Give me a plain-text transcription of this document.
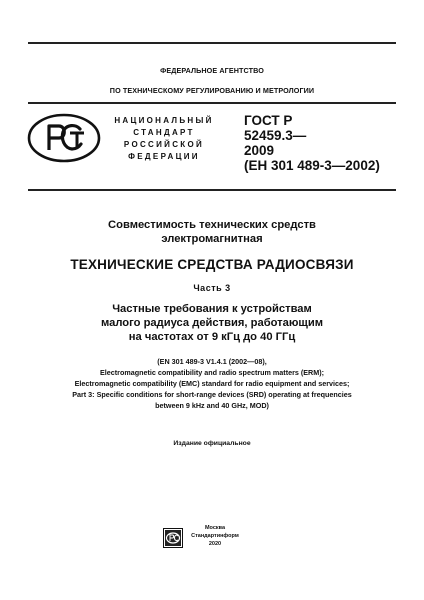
ФЕДЕРАЛЬНОЕ АГЕНТСТВО
ПО ТЕХНИЧЕСКОМУ РЕГУЛИРОВАНИЮ И МЕТРОЛОГИИ
НАЦИОНАЛЬНЫЙ
СТАНДАРТ
РОССИЙСКОЙ
ФЕДЕРАЦИИ
ГОСТ Р
52459.3—
2009
(ЕН 301 489-3—2002)
Совместимость технических средств
электромагнитная
ТЕХНИЧЕСКИЕ СРЕДСТВА РАДИОСВЯЗИ
Часть 3
Частные требования к устройствам
малого радиуса действия, работающим
на частотах от 9 кГц до 40 ГГц
(EN 301 489-3 V1.4.1 (2002—08),
Electromagnetic compatibility and radio spectrum matters (ERM);
Electromagnetic compatibility (EMC) standard for radio equipment and services;
Part 3: Specific conditions for short-range devices (SRD) operating at frequencies
between 9 kHz and 40 GHz, MOD)
Издание официальное
Москва
Стандартинформ
2020
